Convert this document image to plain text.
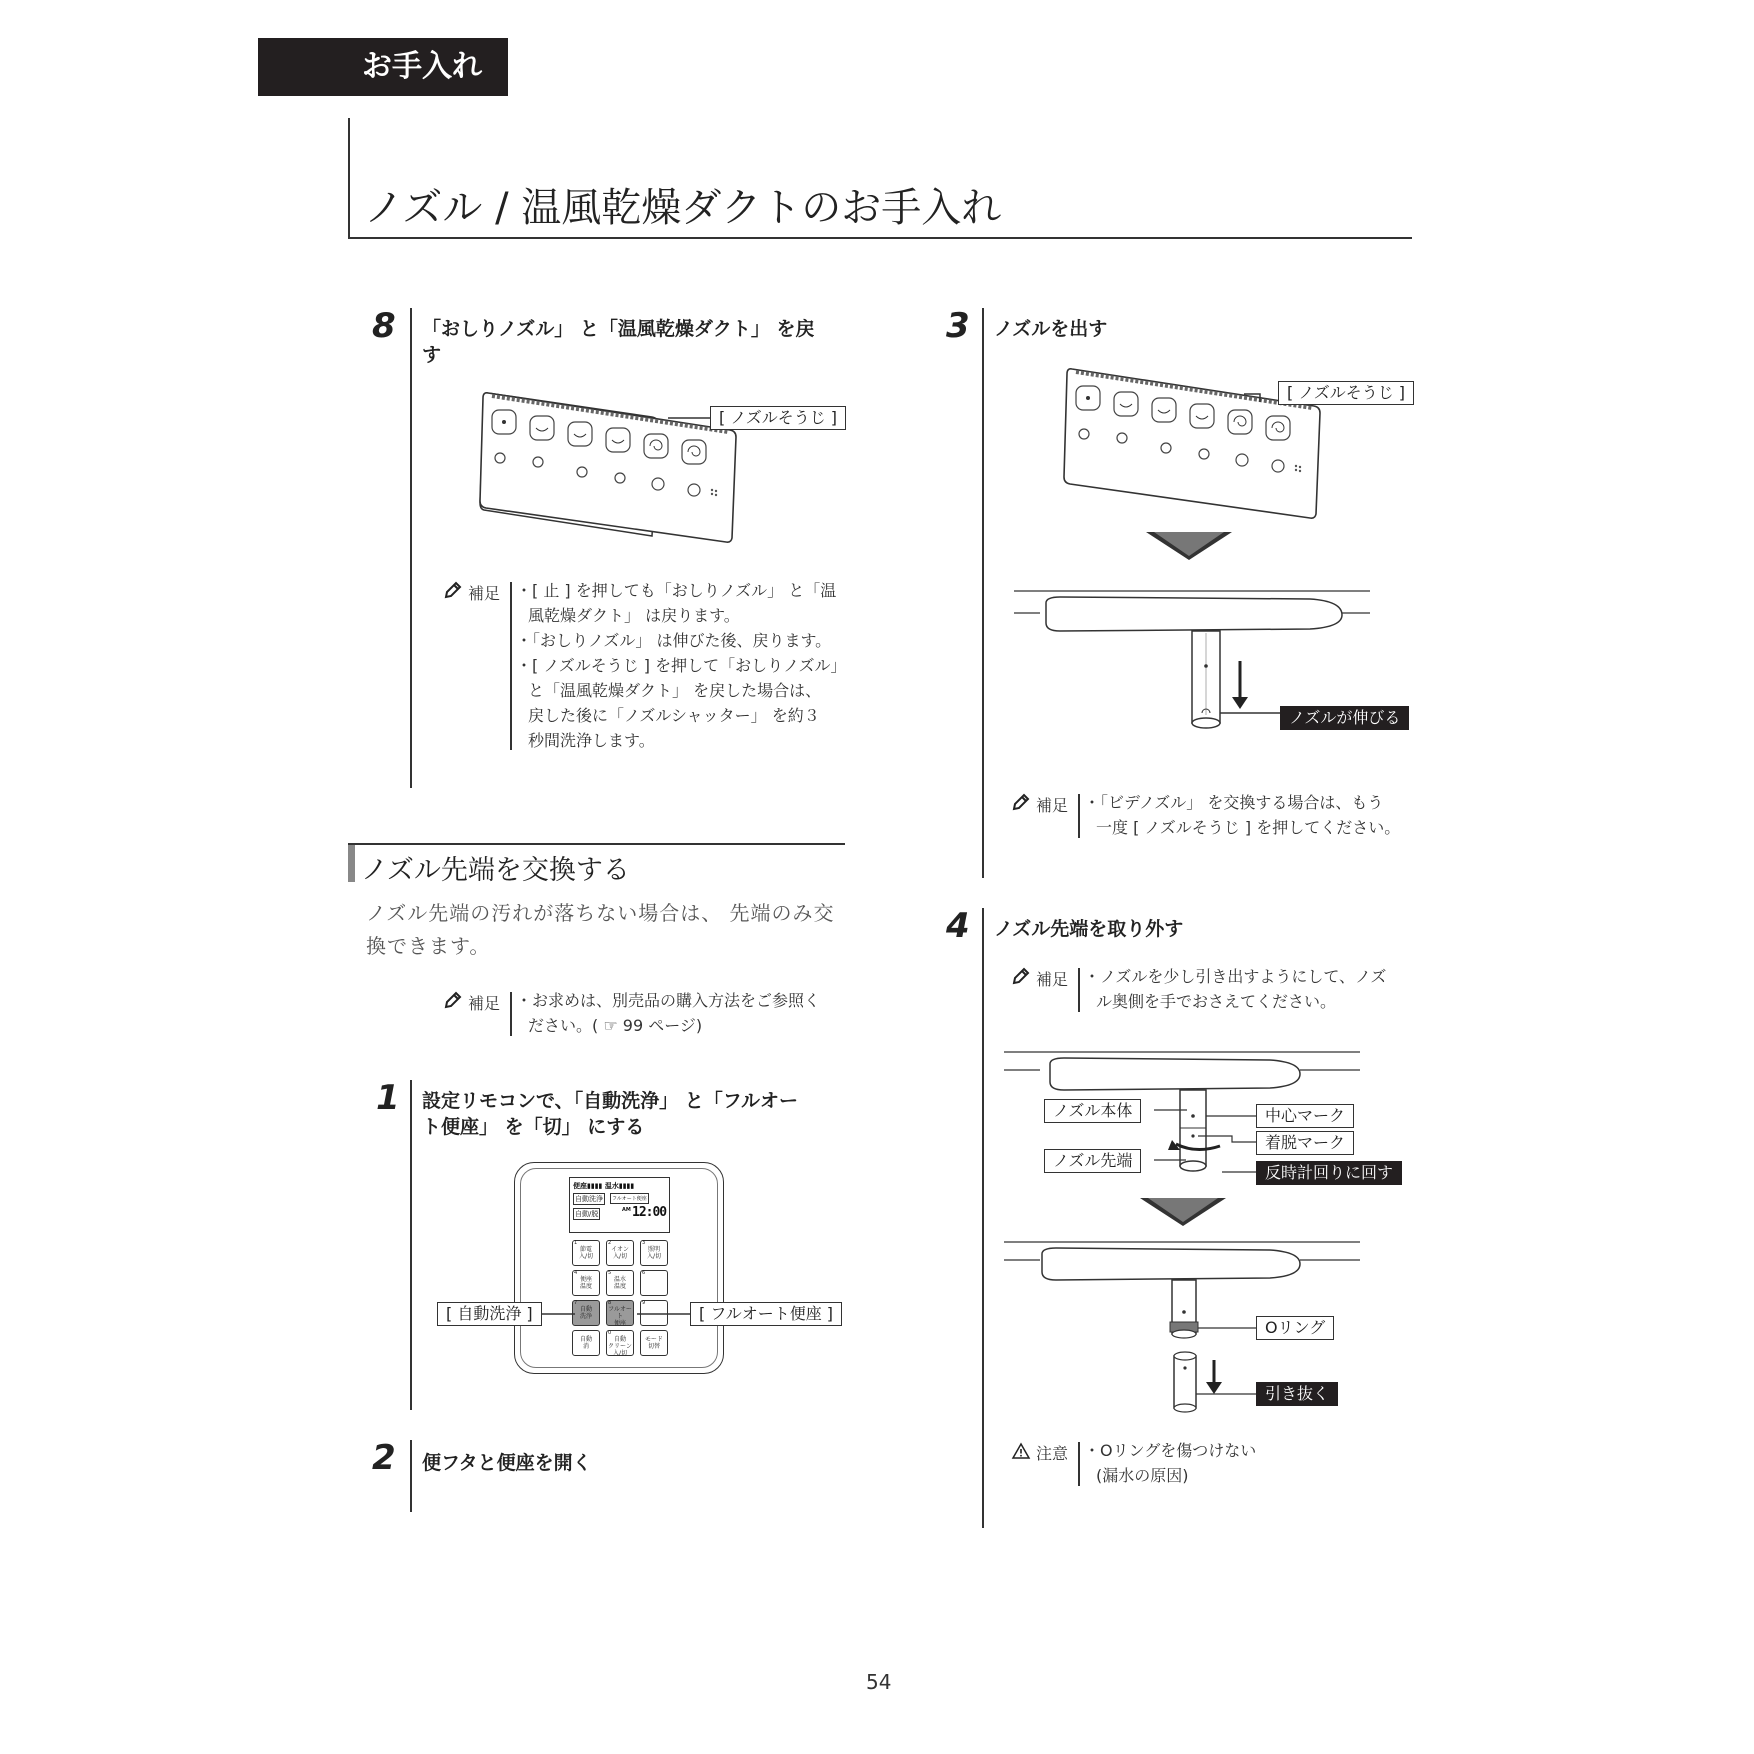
お手入れ
ノズル / 温風乾燥ダクトのお手入れ
8 「おしりノズル」 と「温風乾燥ダクト」 を戻
す
[ ノズルそうじ ]
補足 ・[ 止 ] を押しても「おしりノズル」 と「温
風乾燥ダクト」 は戻ります。
・「おしりノズル」 は伸びた後、戻ります。
・[ ノズルそうじ ] を押して「おしりノズル」
と「温風乾燥ダクト」 を戻した場合は、
戻した後に「ノズルシャッター」 を約３
秒間洗浄します。
ノズル先端を交換する
ノズル先端の汚れが落ちない場合は、 先端のみ交
換できます。
補足 ・お求めは、別売品の購入方法をご参照く
ださい。( ☞ 99 ページ)
1 設定リモコンで、「自動洗浄」 と「フルオー
ト便座」 を「切」 にする
便座▮▮▮▮ 温水▮▮▮▮
自動洗浄	フルオート便座
自動/脱	AM 12:00
1
節電
入/切
2
イオン
入/切
3
照明
入/切
4
便座
温度
5
温水
温度
6
7
自動
洗浄
8
フルオート
便座
9
自動
消
0
自動
クリーン
入/切
モード
切替
[ 自動洗浄 ]	[ フルオート便座 ]
2 便フタと便座を開く
3 ノズルを出す
[ ノズルそうじ ]
ノズルが伸びる
補足 ・「ビデノズル」 を交換する場合は、もう
一度 [ ノズルそうじ ] を押してください。
4 ノズル先端を取り外す
補足 ・ノズルを少し引き出すようにして、ノズ
ル奥側を手でおさえてください。
ノズル本体
ノズル先端
中心マーク
着脱マーク
反時計回りに回す
Oリング
引き抜く
注意 ・Oリングを傷つけない
(漏水の原因)
54
